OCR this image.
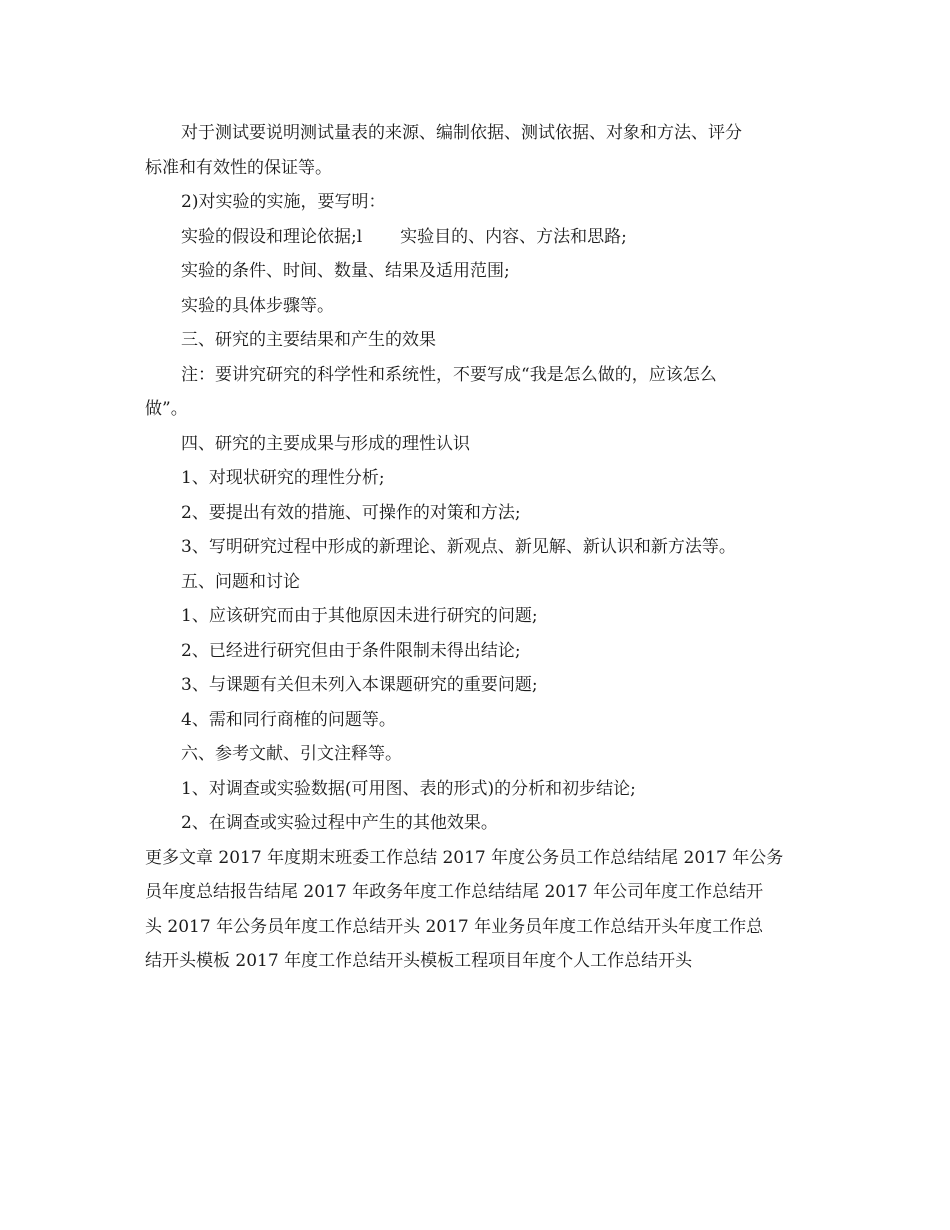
对于测试要说明测试量表的来源、编制依据、测试依据、对象和方法、评分

标准和有效性的保证等。

2)对实验的实施，要写明：

实验的假设和理论依据;l 实验目的、内容、方法和思路;

实验的条件、时间、数量、结果及适用范围;

实验的具体步骤等。

三、研究的主要结果和产生的效果

注：要讲究研究的科学性和系统性，不要写成“我是怎么做的，应该怎么

做”。

四、研究的主要成果与形成的理性认识

1、对现状研究的理性分析;

2、要提出有效的措施、可操作的对策和方法;

3、写明研究过程中形成的新理论、新观点、新见解、新认识和新方法等。

五、问题和讨论

1、应该研究而由于其他原因未进行研究的问题;

2、已经进行研究但由于条件限制未得出结论;

3、与课题有关但未列入本课题研究的重要问题;

4、需和同行商榷的问题等。

六、参考文献、引文注释等。

1、对调查或实验数据(可用图、表的形式)的分析和初步结论;

2、在调查或实验过程中产生的其他效果。

更多文章 2017 年度期末班委工作总结 2017 年度公务员工作总结结尾 2017 年公务

员年度总结报告结尾 2017 年政务年度工作总结结尾 2017 年公司年度工作总结开

头 2017 年公务员年度工作总结开头 2017 年业务员年度工作总结开头年度工作总

结开头模板 2017 年度工作总结开头模板工程项目年度个人工作总结开头
